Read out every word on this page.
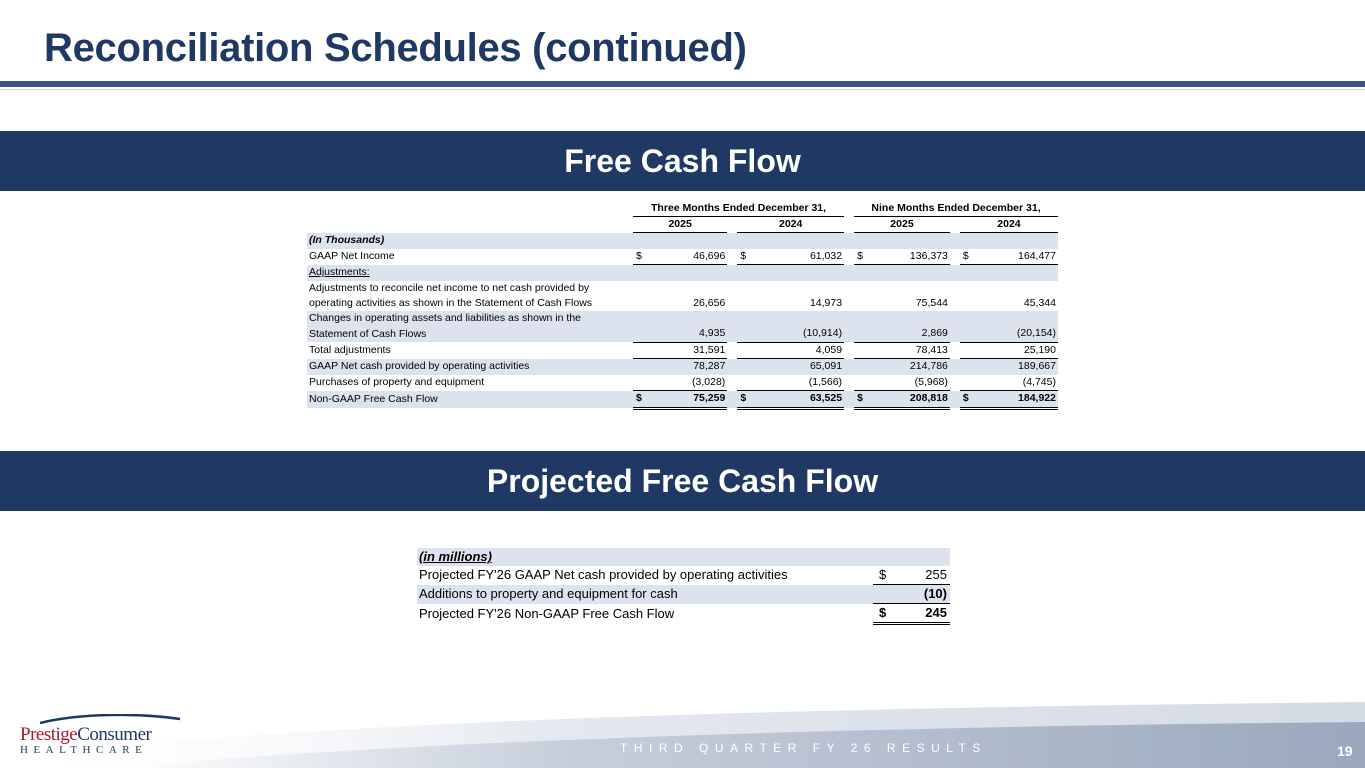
Reconciliation Schedules (continued)
Free Cash Flow
	Three Months Ended December 31,						Nine Months Ended December 31,				
	2025			2024			2025			2024	
(In Thousands)											
GAAP Net Income	$	46,696		$	61,032		$	136,373		$	164,477
Adjustments:											
Adjustments to reconcile net income to net cash provided by											
operating activities as shown in the Statement of Cash Flows		26,656			14,973			75,544			45,344
Changes in operating assets and liabilities as shown in the											
Statement of Cash Flows		4,935			(10,914)			2,869			(20,154)
Total adjustments		31,591			4,059			78,413			25,190
GAAP Net cash provided by operating activities		78,287			65,091			214,786			189,667
Purchases of property and equipment		(3,028)			(1,566)			(5,968)			(4,745)
Non-GAAP Free Cash Flow	$	75,259		$	63,525		$	208,818		$	184,922
Projected Free Cash Flow
(in millions)		
Projected FY'26 GAAP Net cash provided by operating activities	$	255
Additions to property and equipment for cash		(10)
Projected FY'26 Non-GAAP Free Cash Flow	$	245
PrestigeConsumer
HEALTHCARE	THIRD QUARTER FY 26 RESULTS	19
